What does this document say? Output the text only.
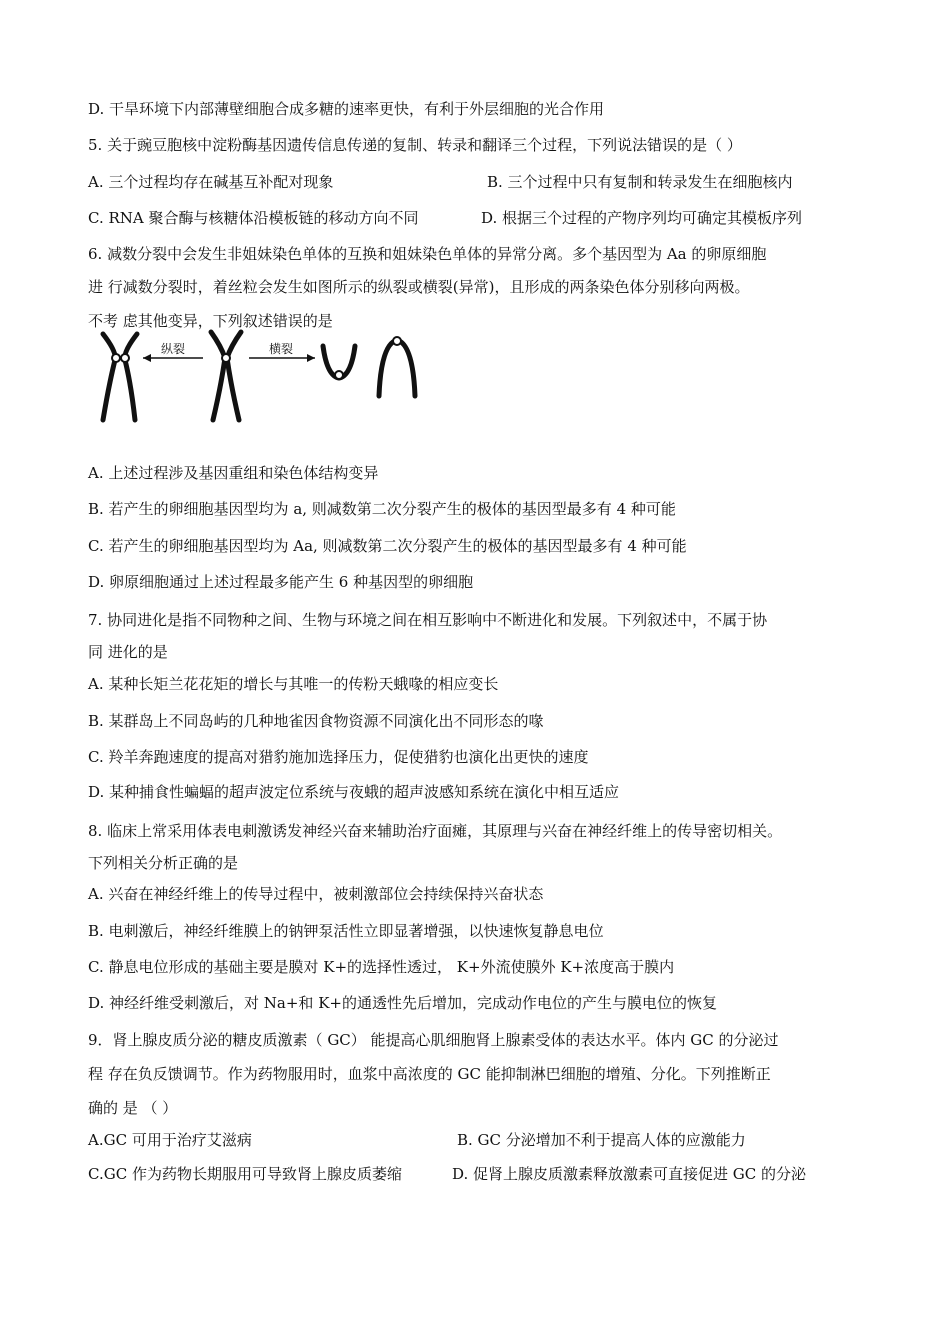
D. 干旱环境下内部薄壁细胞合成多糖的速率更快，有利于外层细胞的光合作用

5. 关于豌豆胞核中淀粉酶基因遗传信息传递的复制、转录和翻译三个过程，下列说法错误的是（ ）

A. 三个过程均存在碱基互补配对现象	B. 三个过程中只有复制和转录发生在细胞核内

C. RNA 聚合酶与核糖体沿模板链的移动方向不同	D. 根据三个过程的产物序列均可确定其模板序列

6. 减数分裂中会发生非姐妹染色单体的互换和姐妹染色单体的异常分离。多个基因型为 Aa 的卵原细胞

进 行减数分裂时，着丝粒会发生如图所示的纵裂或横裂(异常)，且形成的两条染色体分别移向两极。

不考 虑其他变异，下列叙述错误的是

纵裂	横裂

A. 上述过程涉及基因重组和染色体结构变异

B. 若产生的卵细胞基因型均为 a, 则减数第二次分裂产生的极体的基因型最多有 4 种可能

C. 若产生的卵细胞基因型均为 Aa, 则减数第二次分裂产生的极体的基因型最多有 4 种可能

D. 卵原细胞通过上述过程最多能产生 6 种基因型的卵细胞

7. 协同进化是指不同物种之间、生物与环境之间在相互影响中不断进化和发展。下列叙述中，不属于协

同 进化的是

A. 某种长矩兰花花矩的增长与其唯一的传粉天蛾喙的相应变长

B. 某群岛上不同岛屿的几种地雀因食物资源不同演化出不同形态的喙

C. 羚羊奔跑速度的提高对猎豹施加选择压力，促使猎豹也演化出更快的速度

D. 某种捕食性蝙蝠的超声波定位系统与夜蛾的超声波感知系统在演化中相互适应

8. 临床上常采用体表电刺激诱发神经兴奋来辅助治疗面瘫，其原理与兴奋在神经纤维上的传导密切相关。

下列相关分析正确的是

A. 兴奋在神经纤维上的传导过程中，被刺激部位会持续保持兴奋状态

B. 电刺激后，神经纤维膜上的钠钾泵活性立即显著增强，以快速恢复静息电位

C. 静息电位形成的基础主要是膜对 K+的选择性透过， K+外流使膜外 K+浓度高于膜内

D. 神经纤维受刺激后，对 Na+和 K+的通透性先后增加，完成动作电位的产生与膜电位的恢复

9．肾上腺皮质分泌的糖皮质激素（ GC） 能提高心肌细胞肾上腺素受体的表达水平。体内 GC 的分泌过

程 存在负反馈调节。作为药物服用时，血浆中高浓度的 GC 能抑制淋巴细胞的增殖、分化。下列推断正

确的 是 （ ）

A.GC 可用于治疗艾滋病	B. GC 分泌增加不利于提高人体的应激能力

C.GC 作为药物长期服用可导致肾上腺皮质萎缩	D. 促肾上腺皮质激素释放激素可直接促进 GC 的分泌
